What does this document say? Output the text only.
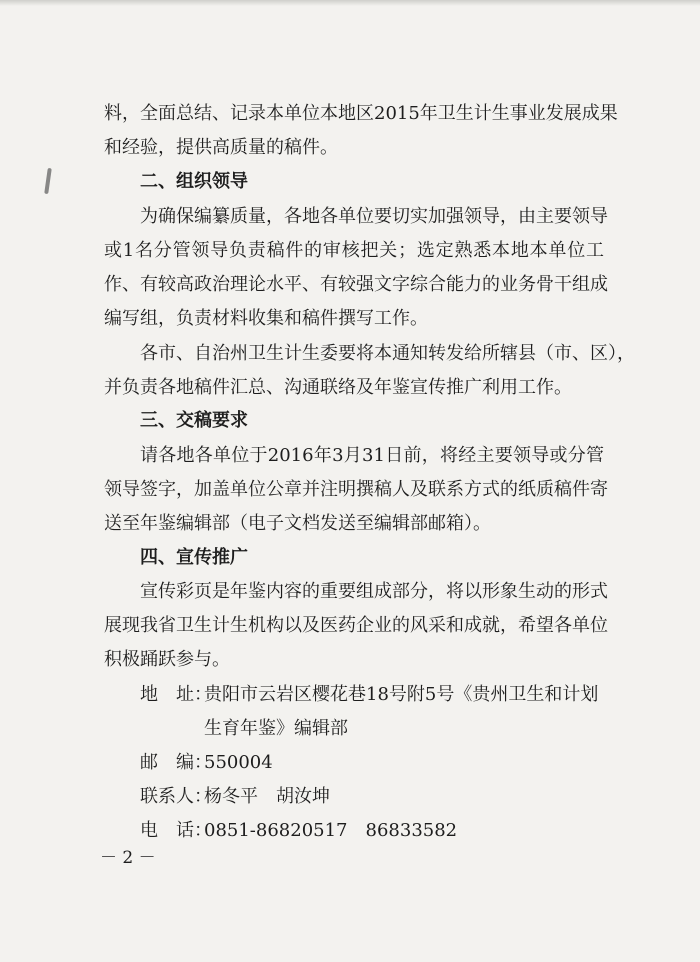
料，全面总结、记录本单位本地区2015年卫生计生事业发展成果
和经验，提供高质量的稿件。
二、组织领导
为确保编纂质量，各地各单位要切实加强领导，由主要领导
或1名分管领导负责稿件的审核把关；选定熟悉本地本单位工
作、有较高政治理论水平、有较强文字综合能力的业务骨干组成
编写组，负责材料收集和稿件撰写工作。
各市、自治州卫生计生委要将本通知转发给所辖县（市、区），
并负责各地稿件汇总、沟通联络及年鉴宣传推广利用工作。
三、交稿要求
请各地各单位于2016年3月31日前，将经主要领导或分管
领导签字，加盖单位公章并注明撰稿人及联系方式的纸质稿件寄
送至年鉴编辑部（电子文档发送至编辑部邮箱）。
四、宣传推广
宣传彩页是年鉴内容的重要组成部分，将以形象生动的形式
展现我省卫生计生机构以及医药企业的风采和成就，希望各单位
积极踊跃参与。
地　址：
贵阳市云岩区樱花巷18号附5号《贵州卫生和计划
生育年鉴》编辑部
邮　编：
550004
联系人：
杨冬平　胡汝坤
电　话：
0851-86820517　86833582
－ 2 －
